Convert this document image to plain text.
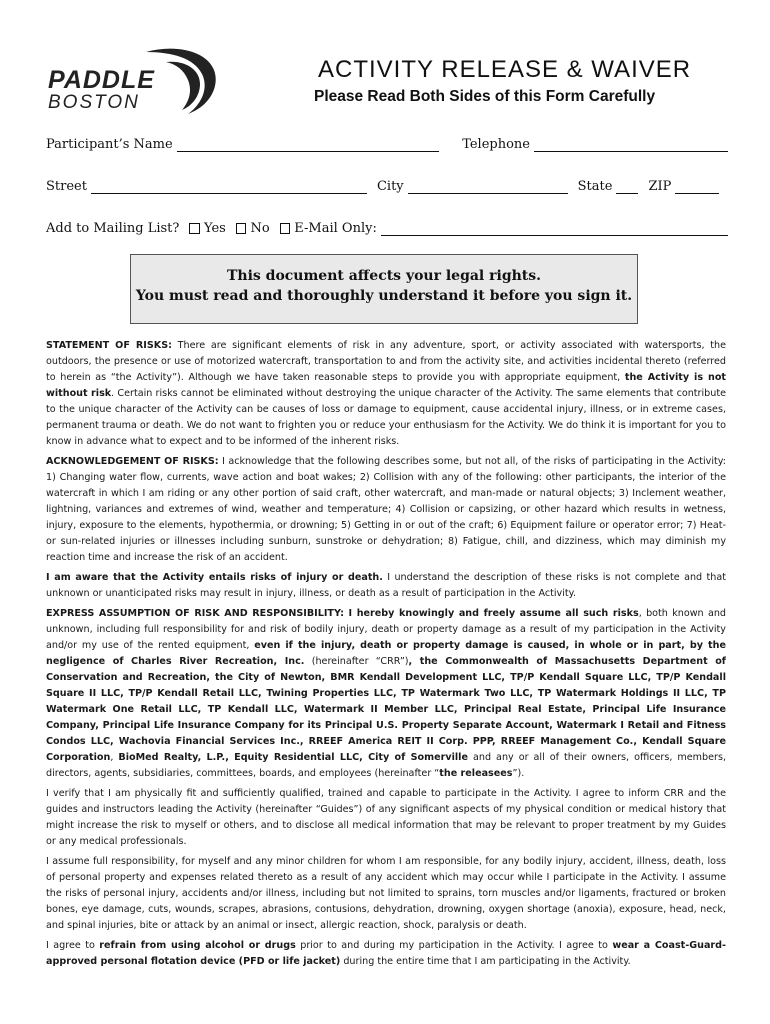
PADDLE
BOSTON
ACTIVITY RELEASE & WAIVER
Please Read Both Sides of this Form Carefully
Participant’s Name	Telephone
Street	City	State	ZIP
Add to Mailing List?	Yes	No	E-Mail Only:
This document affects your legal rights.
You must read and thoroughly understand it before you sign it.

STATEMENT OF RISKS: There are significant elements of risk in any adventure, sport, or activity associated with watersports, the outdoors, the presence or use of motorized watercraft, transportation to and from the activity site, and activities incidental thereto (referred to herein as “the Activity”). Although we have taken reasonable steps to provide you with appropriate equipment, the Activity is not without risk. Certain risks cannot be eliminated without destroying the unique character of the Activity. The same elements that contribute to the unique character of the Activity can be causes of loss or damage to equipment, cause accidental injury, illness, or in extreme cases, permanent trauma or death. We do not want to frighten you or reduce your enthusiasm for the Activity. We do think it is important for you to know in advance what to expect and to be informed of the inherent risks.

ACKNOWLEDGEMENT OF RISKS: I acknowledge that the following describes some, but not all, of the risks of participating in the Activity: 1) Changing water flow, currents, wave action and boat wakes; 2) Collision with any of the following: other participants, the interior of the watercraft in which I am riding or any other portion of said craft, other watercraft, and man-made or natural objects; 3) Inclement weather, lightning, variances and extremes of wind, weather and temperature; 4) Collision or capsizing, or other hazard which results in wetness, injury, exposure to the elements, hypothermia, or drowning; 5) Getting in or out of the craft; 6) Equipment failure or operator error; 7) Heat- or sun-related injuries or illnesses including sunburn, sunstroke or dehydration; 8) Fatigue, chill, and dizziness, which may diminish my reaction time and increase the risk of an accident.

I am aware that the Activity entails risks of injury or death. I understand the description of these risks is not complete and that unknown or unanticipated risks may result in injury, illness, or death as a result of participation in the Activity.

EXPRESS ASSUMPTION OF RISK AND RESPONSIBILITY: I hereby knowingly and freely assume all such risks, both known and unknown, including full responsibility for and risk of bodily injury, death or property damage as a result of my participation in the Activity and/or my use of the rented equipment, even if the injury, death or property damage is caused, in whole or in part, by the negligence of Charles River Recreation, Inc. (hereinafter “CRR”), the Commonwealth of Massachusetts Department of Conservation and Recreation, the City of Newton, BMR Kendall Development LLC, TP/P Kendall Square LLC, TP/P Kendall Square II LLC, TP/P Kendall Retail LLC, Twining Properties LLC, TP Watermark Two LLC, TP Watermark Holdings II LLC, TP Watermark One Retail LLC, TP Kendall LLC, Watermark II Member LLC, Principal Real Estate, Principal Life Insurance Company, Principal Life Insurance Company for its Principal U.S. Property Separate Account, Watermark I Retail and Fitness Condos LLC, Wachovia Financial Services Inc., RREEF America REIT II Corp. PPP, RREEF Management Co., Kendall Square Corporation, BioMed Realty, L.P., Equity Residential LLC, City of Somerville and any or all of their owners, officers, members, directors, agents, subsidiaries, committees, boards, and employees (hereinafter “the releasees”).

I verify that I am physically fit and sufficiently qualified, trained and capable to participate in the Activity. I agree to inform CRR and the guides and instructors leading the Activity (hereinafter “Guides”) of any significant aspects of my physical condition or medical history that might increase the risk to myself or others, and to disclose all medical information that may be relevant to proper treatment by my Guides or any medical professionals.

I assume full responsibility, for myself and any minor children for whom I am responsible, for any bodily injury, accident, illness, death, loss of personal property and expenses related thereto as a result of any accident which may occur while I participate in the Activity. I assume the risks of personal injury, accidents and/or illness, including but not limited to sprains, torn muscles and/or ligaments, fractured or broken bones, eye damage, cuts, wounds, scrapes, abrasions, contusions, dehydration, drowning, oxygen shortage (anoxia), exposure, head, neck, and spinal injuries, bite or attack by an animal or insect, allergic reaction, shock, paralysis or death.

I agree to refrain from using alcohol or drugs prior to and during my participation in the Activity. I agree to wear a Coast-Guard-approved personal flotation device (PFD or life jacket) during the entire time that I am participating in the Activity.
